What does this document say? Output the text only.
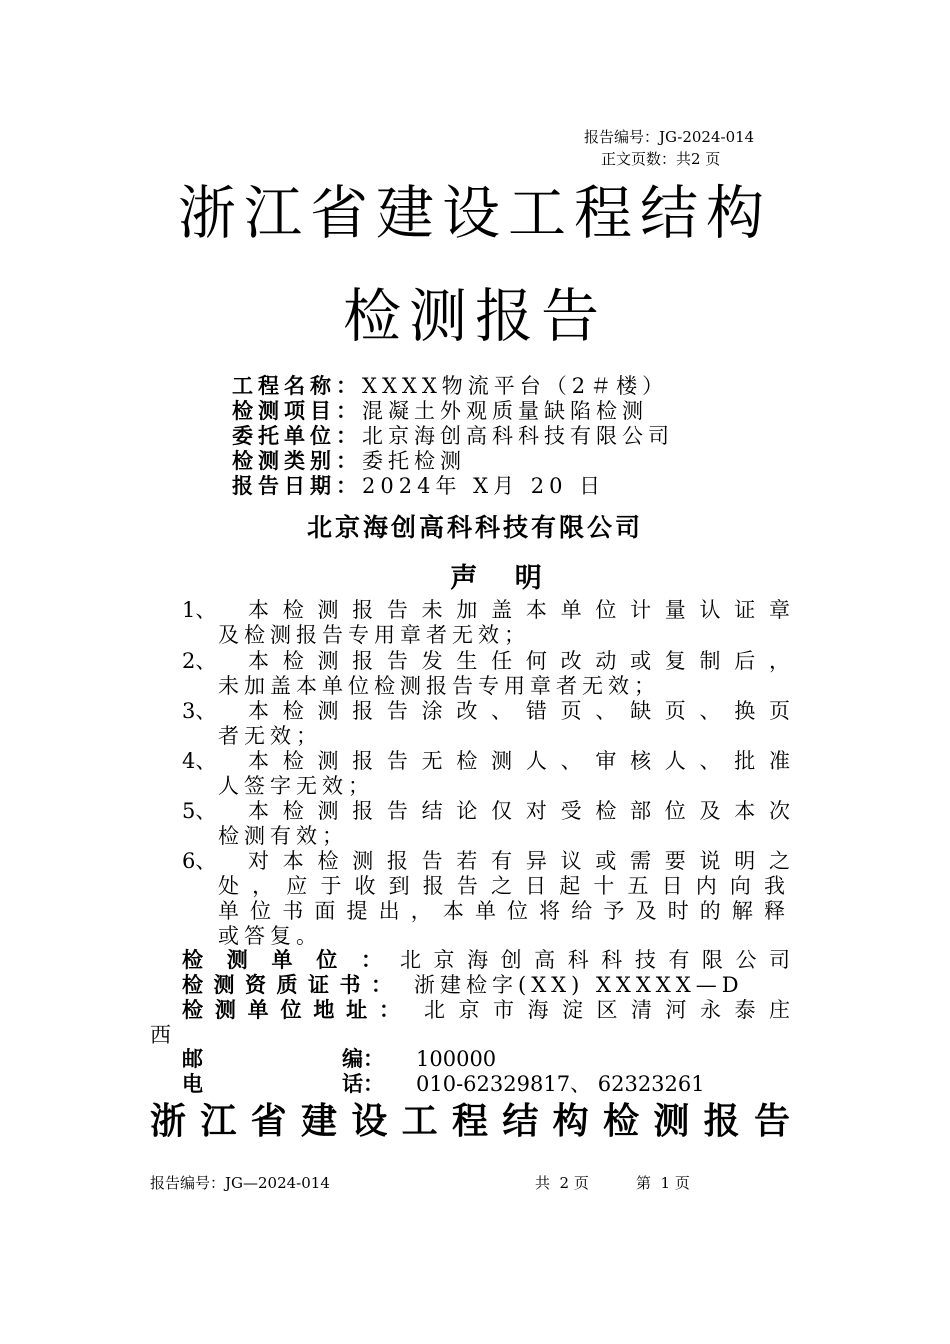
报告编号：JG-2024-014
正文页数：共2 页
浙江省建设工程结构
检测报告
工程名称：XXXX物流平台（2＃楼）
检测项目：混凝土外观质量缺陷检测
委托单位：北京海创高科科技有限公司
检测类别：委托检测
报告日期：2024年 X月 20 日
北京海创高科科技有限公司
声    明
1、	本检测报告未加盖本单位计量认证章
及检测报告专用章者无效；
2、	本检测报告发生任何改动或复制后，
未加盖本单位检测报告专用章者无效；
3、	本检测报告涂改、错页、缺页、换页
者无效；
4、	本检测报告无检测人、审核人、批准
人签字无效；
5、	本检测报告结论仅对受检部位及本次
检测有效；
6、	对本检测报告若有异议或需要说明之
处，应于收到报告之日起十五日内向我
单位书面提出，本单位将给予及时的解释
或答复。
检测单位： 北京海创高科科技有限公司
检测资质证书： 浙建检字(XX) XXXXX—D
检测单位地址： 北京市海淀区清河永泰庄
西
邮	编： 100000
电	话： 010-62329817、 62323261
浙江省建设工程结构检测报告
报告编号：JG—2024-014	共  2 页	第  1 页
